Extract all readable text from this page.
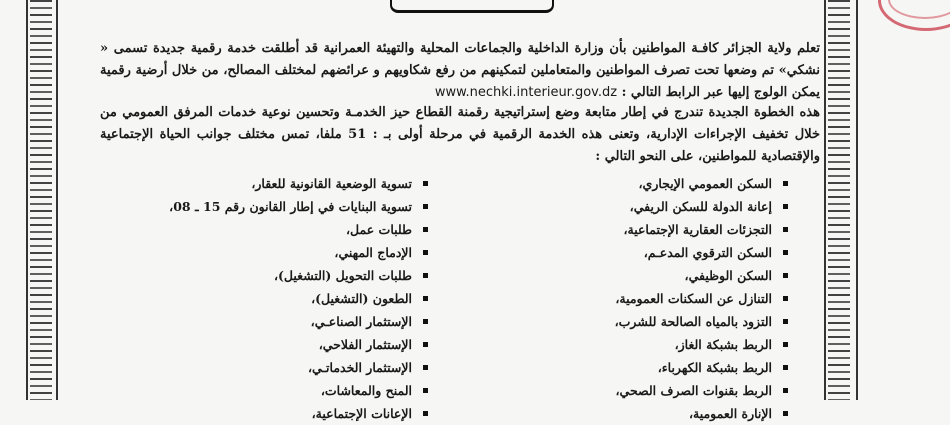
تعلم ولاية الجزائر كافـة المواطنين بأن وزارة الداخلية والجماعات المحلية والتهيئة العمرانية قد أطلقت خدمة رقمية جديدة تسمى « نشكي» تم وضعها تحت تصرف المواطنين والمتعاملين لتمكينهم من رفع شكاويهم و عرائضهم لمختلف المصالح، من خلال أرضية رقمية يمكن الولوج إليها عبر الرابط التالي : www.nechki.interieur.gov.dz
هذه الخطوة الجديدة تندرج في إطار متابعة وضع إستراتيجية رقمنة القطاع حيز الخدمـة وتحسين نوعية خدمات المرفق العمومي من خلال تخفيف الإجراءات الإدارية، وتعنى هذه الخدمة الرقمية في مرحلة أولى بـ : 51 ملفا، تمس مختلف جوانب الحياة الإجتماعية والإقتصادية للمواطنين، على النحو التالي :
السكن العمومي الإيجاري،
إعانة الدولة للسكن الريفي،
التجزئات العقارية الإجتماعية،
السكن الترقوي المدعـم،
السكن الوظيفي،
التنازل عن السكنات العمومية،
التزود بالمياه الصالحة للشرب،
الربط بشبكة الغاز،
الربط بشبكة الكهرباء،
الربط بقنوات الصرف الصحي،
الإنارة العمومية،
تسوية الوضعية القانونية للعقار،
تسوية البنايات في إطار القانون رقم 15 ـ 08،
طلبات عمل،
الإدماج المهني،
طلبات التحويل (التشغيل)،
الطعون (التشغيل)،
الإستثمار الصناعـي،
الإستثمار الفلاحي،
الإستثمار الخدماتـي،
المنح والمعاشات،
الإعانات الإجتماعية،
